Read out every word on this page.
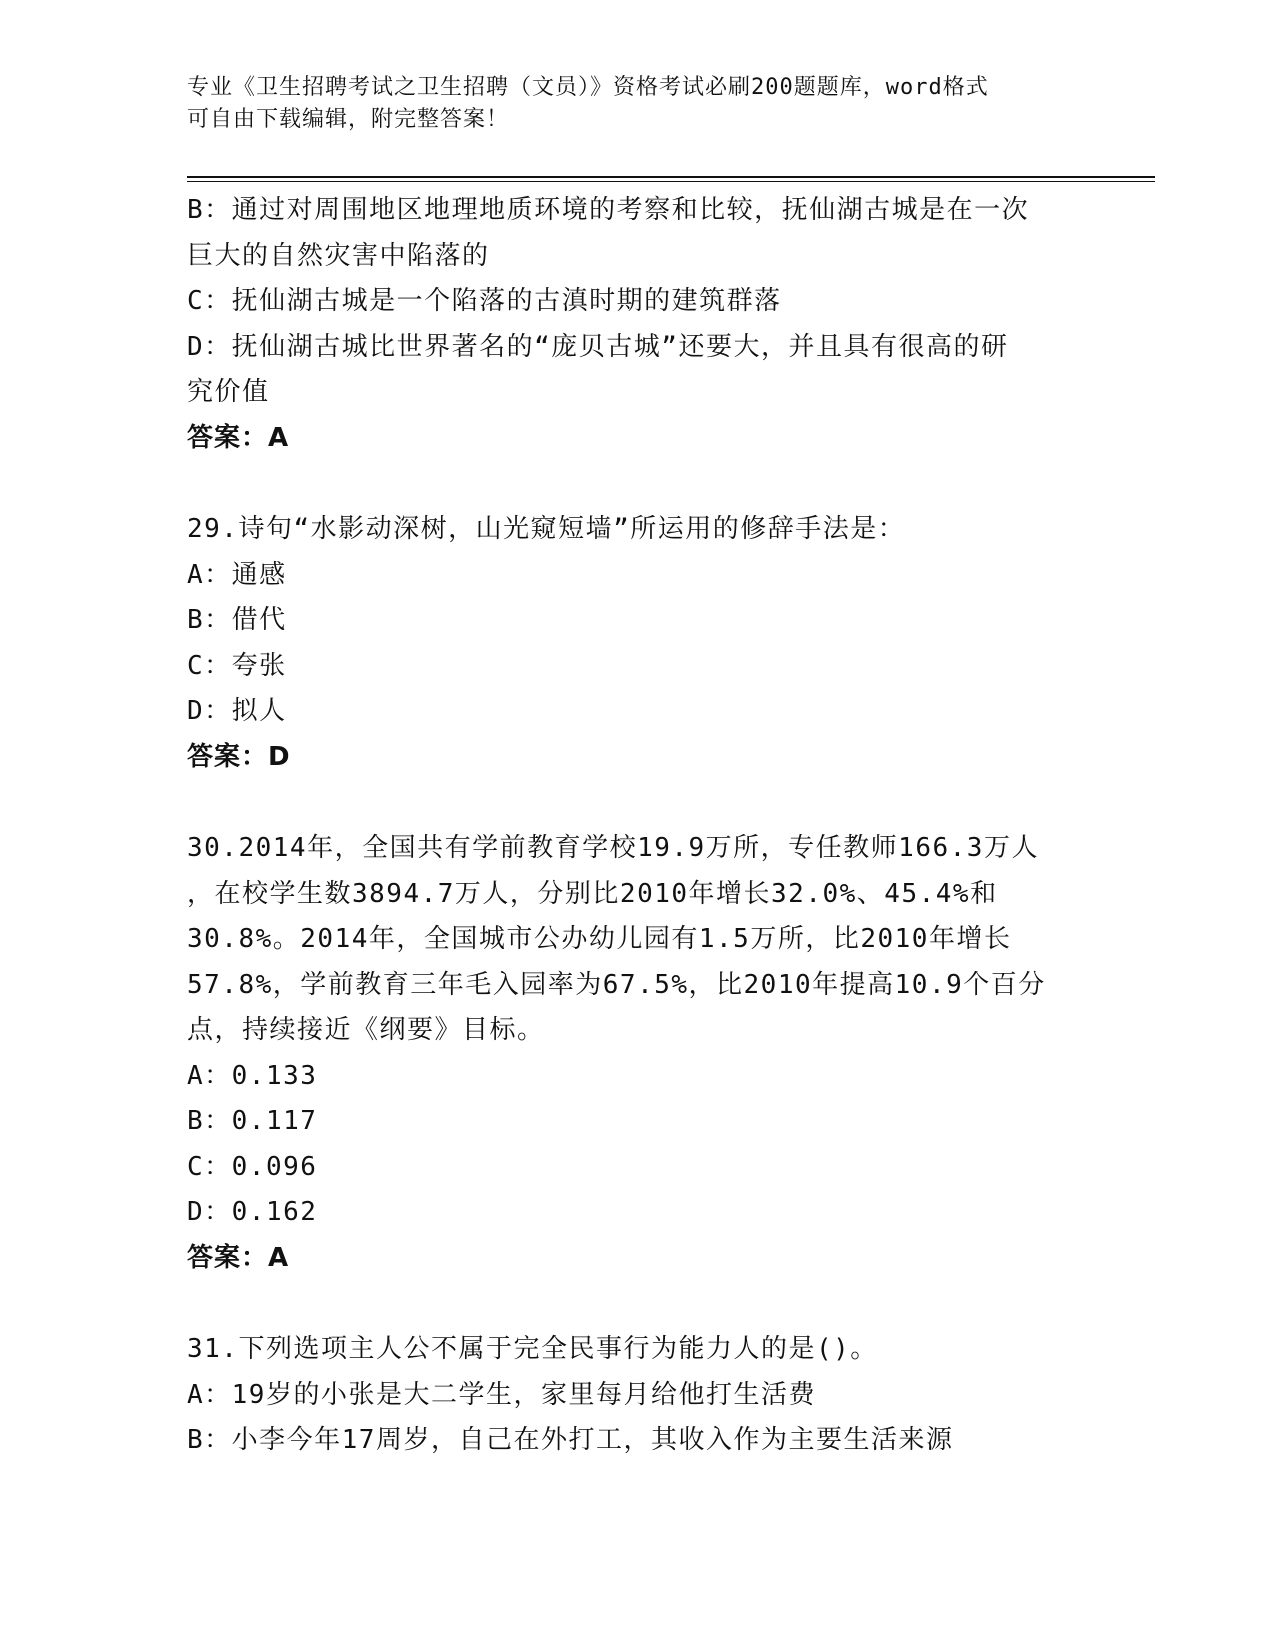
专业《卫生招聘考试之卫生招聘（文员）》资格考试必刷200题题库，word格式
可自由下载编辑，附完整答案！

B：通过对周围地区地理地质环境的考察和比较，抚仙湖古城是在一次

巨大的自然灾害中陷落的

C：抚仙湖古城是一个陷落的古滇时期的建筑群落

D：抚仙湖古城比世界著名的“庞贝古城”还要大，并且具有很高的研

究价值

答案：A

29.诗句“水影动深树，山光窥短墙”所运用的修辞手法是：

A：通感

B：借代

C：夸张

D：拟人

答案：D

30.2014年，全国共有学前教育学校19.9万所，专任教师166.3万人

，在校学生数3894.7万人，分别比2010年增长32.0%、45.4%和

30.8%。2014年，全国城市公办幼儿园有1.5万所，比2010年增长

57.8%，学前教育三年毛入园率为67.5%，比2010年提高10.9个百分

点，持续接近《纲要》目标。

A：0.133

B：0.117

C：0.096

D：0.162

答案：A

31.下列选项主人公不属于完全民事行为能力人的是()。

A：19岁的小张是大二学生，家里每月给他打生活费

B：小李今年17周岁，自己在外打工，其收入作为主要生活来源
